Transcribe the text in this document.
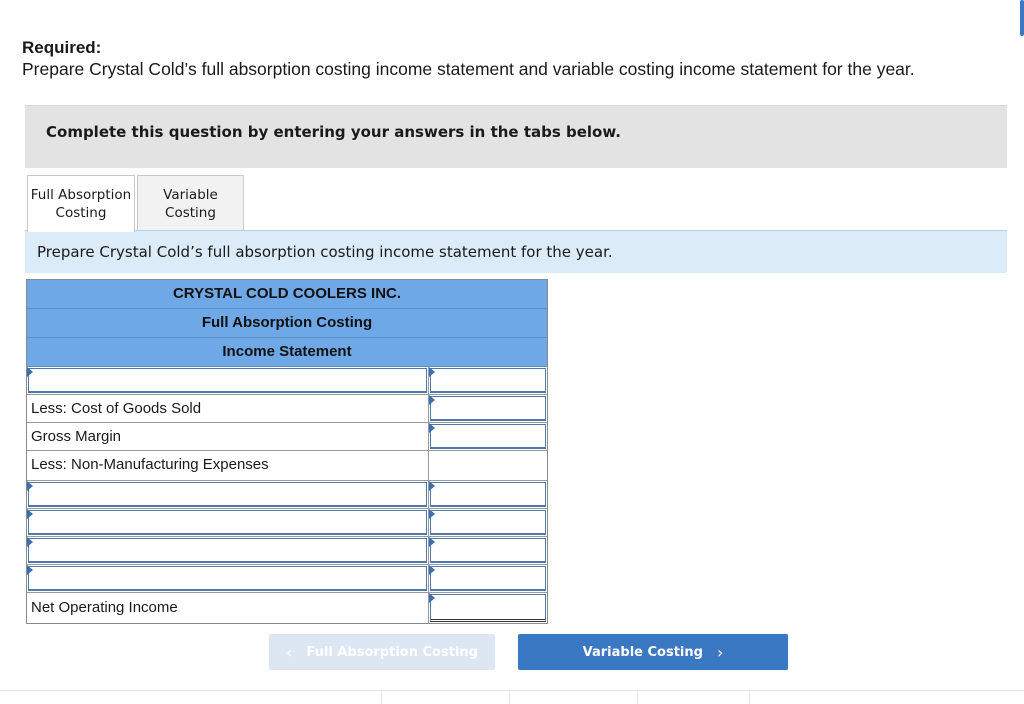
Required:
Prepare Crystal Cold’s full absorption costing income statement and variable costing income statement for the year.
Complete this question by entering your answers in the tabs below.
Full Absorption
Costing
Variable
Costing
Prepare Crystal Cold’s full absorption costing income statement for the year.
CRYSTAL COLD COOLERS INC.
Full Absorption Costing
Income Statement
Less: Cost of Goods Sold
Gross Margin
Less: Non-Manufacturing Expenses
Net Operating Income
‹ Full Absorption Costing	Variable Costing ›
